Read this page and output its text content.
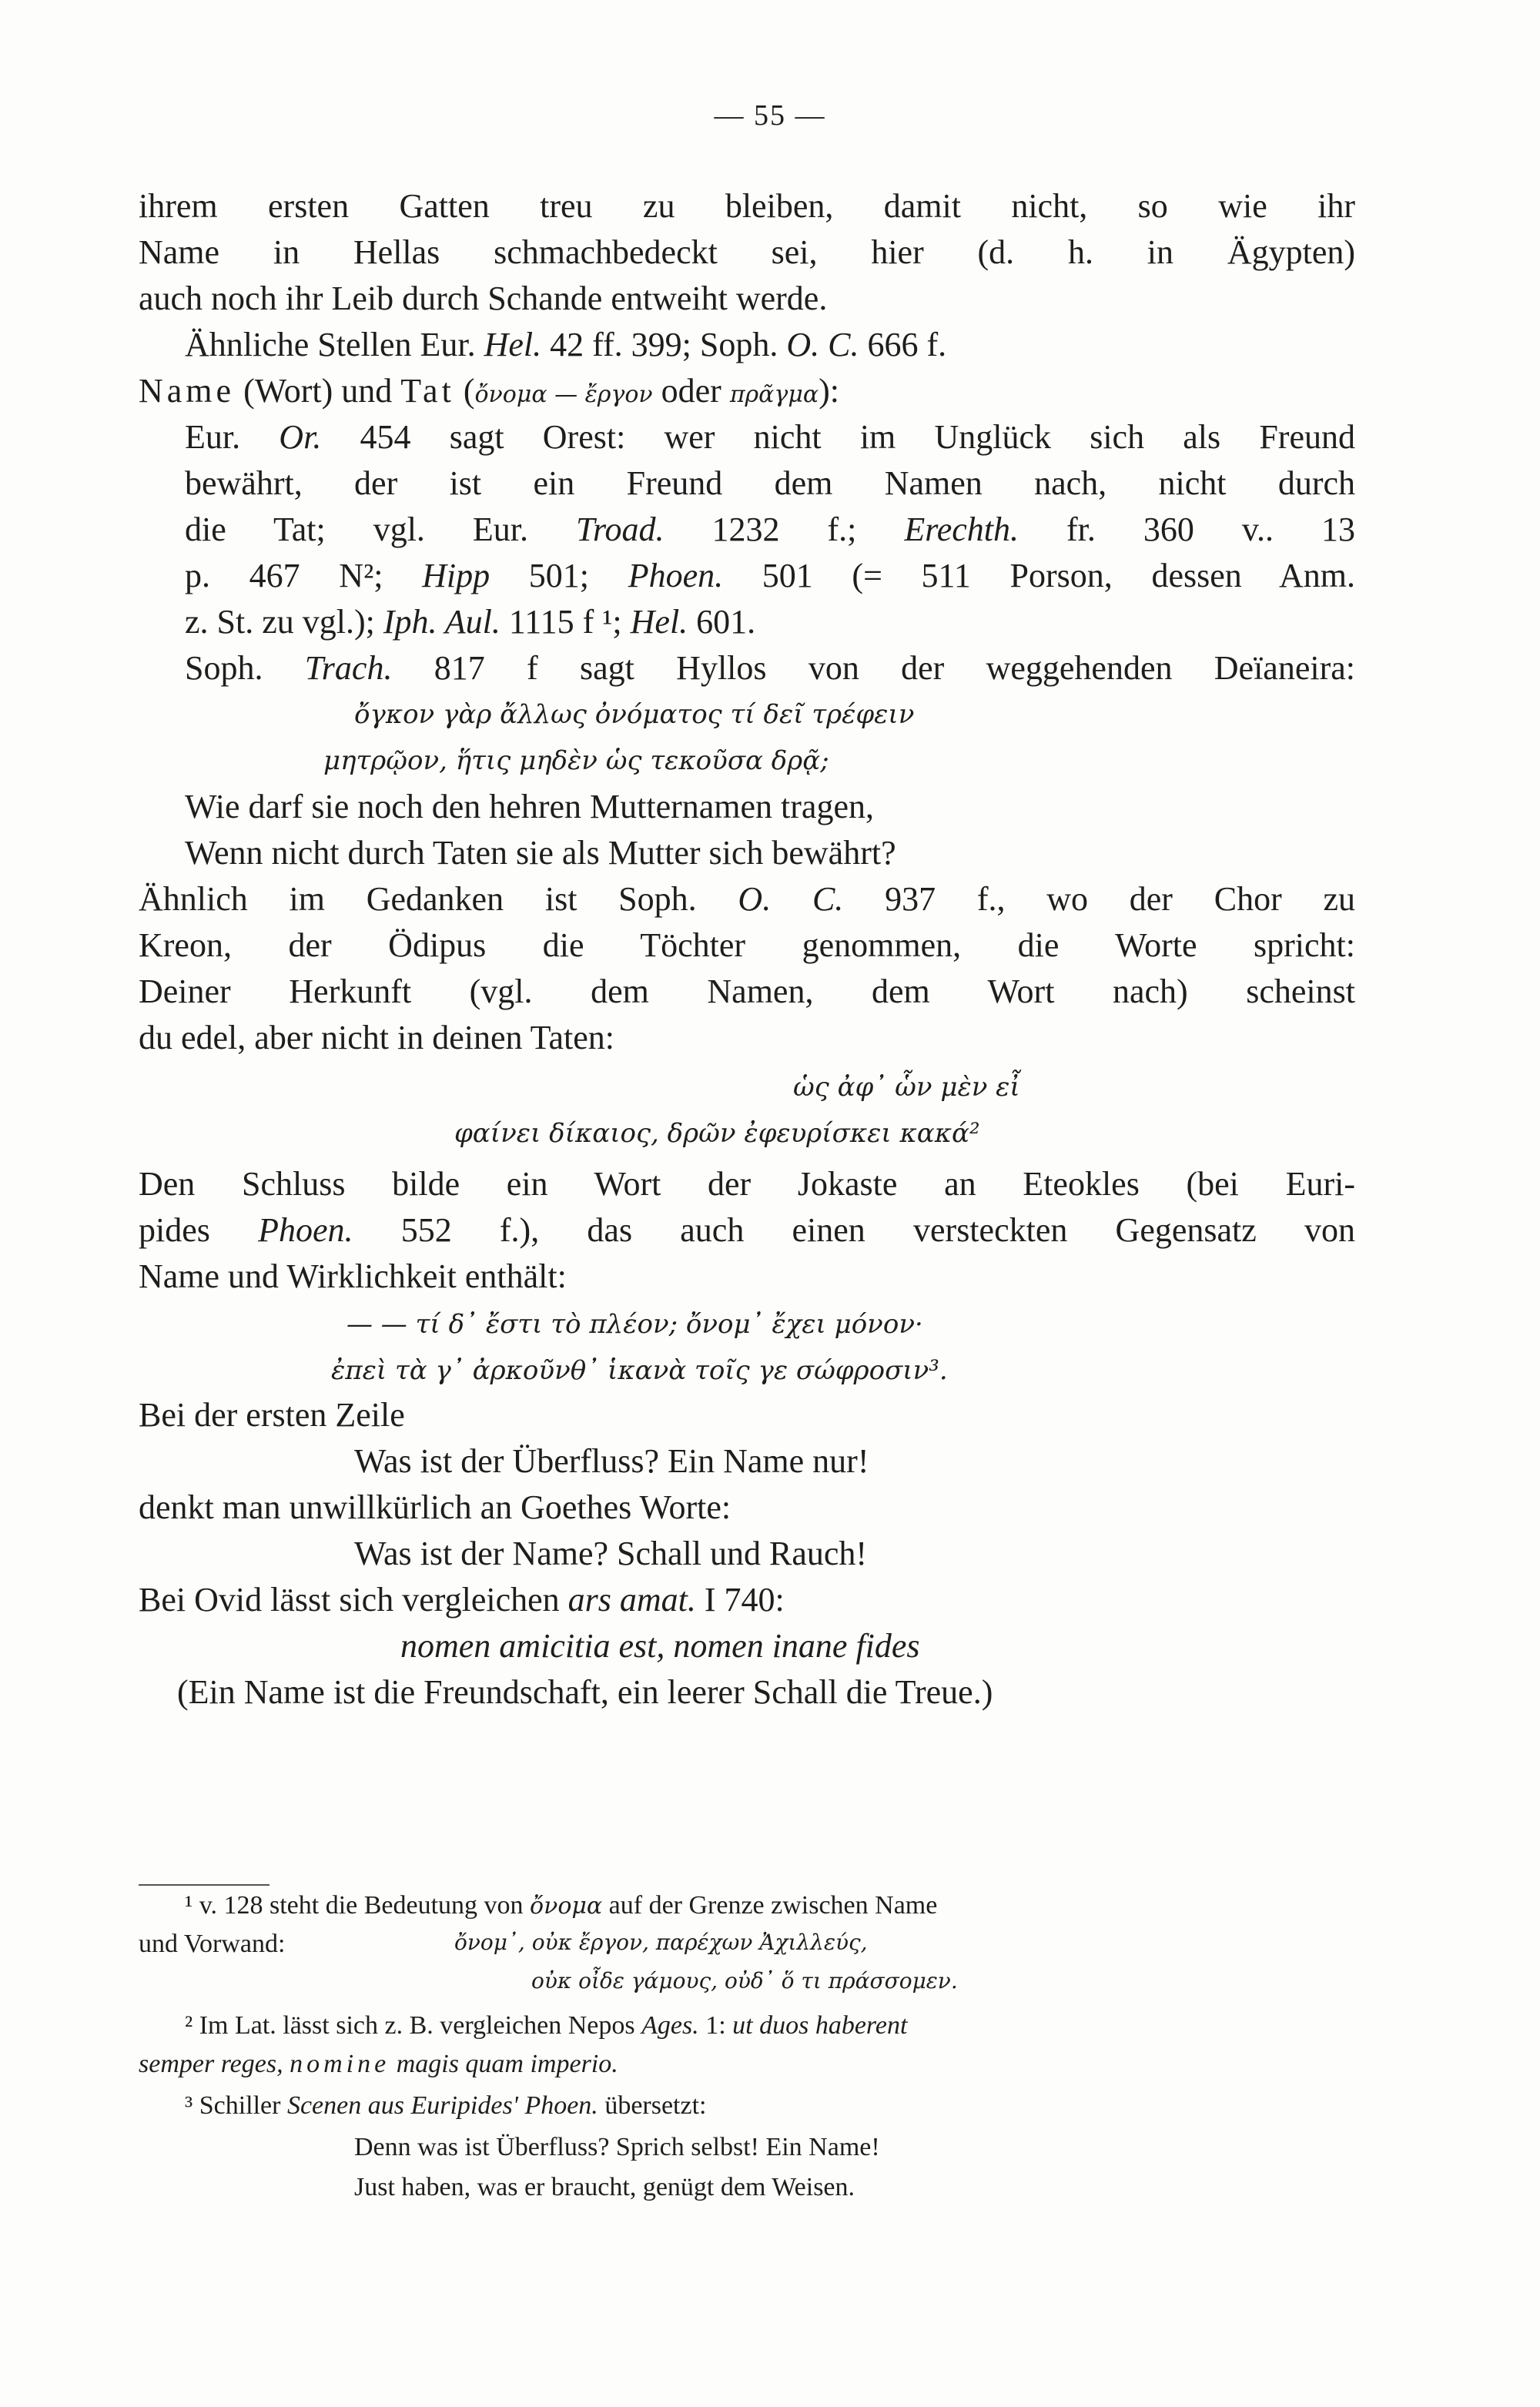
— 55 —
ihrem ersten Gatten treu zu bleiben, damit nicht, so wie ihr
Name in Hellas schmachbedeckt sei, hier (d. h. in Ägypten)
auch noch ihr Leib durch Schande entweiht werde.
Ähnliche Stellen Eur. Hel. 42 ff. 399; Soph. O. C. 666 f.
Name (Wort) und Tat (ὄνομα — ἔργον oder πρᾶγμα):
Eur. Or. 454 sagt Orest: wer nicht im Unglück sich als Freund
bewährt, der ist ein Freund dem Namen nach, nicht durch
die Tat; vgl. Eur. Troad. 1232 f.; Erechth. fr. 360 v.. 13
p. 467 N²; Hipp 501; Phoen. 501 (= 511 Porson, dessen Anm.
z. St. zu vgl.); Iph. Aul. 1115 f ¹; Hel. 601.
Soph. Trach. 817 f sagt Hyllos von der weggehenden Deïaneira:
ὄγκον γὰρ ἄλλως ὀνόματος τί δεῖ τρέφειν
μητρῷον, ἥτις μηδὲν ὡς τεκοῦσα δρᾷ;
Wie darf sie noch den hehren Mutternamen tragen,
Wenn nicht durch Taten sie als Mutter sich bewährt?
Ähnlich im Gedanken ist Soph. O. C. 937 f., wo der Chor zu
Kreon, der Ödipus die Töchter genommen, die Worte spricht:
Deiner Herkunft (vgl. dem Namen, dem Wort nach) scheinst
du edel, aber nicht in deinen Taten:
ὡς ἀφ᾽ ὧν μὲν εἶ
φαίνει δίκαιος, δρῶν ἐφευρίσκει κακά²
Den Schluss bilde ein Wort der Jokaste an Eteokles (bei Euri-
pides Phoen. 552 f.), das auch einen versteckten Gegensatz von
Name und Wirklichkeit enthält:
— — τί δ᾽ ἔστι τὸ πλέον; ὄνομ᾽ ἔχει μόνον·
ἐπεὶ τὰ γ᾽ ἀρκοῦνθ᾽ ἱκανὰ τοῖς γε σώφροσιν³.
Bei der ersten Zeile
Was ist der Überfluss? Ein Name nur!
denkt man unwillkürlich an Goethes Worte:
Was ist der Name? Schall und Rauch!
Bei Ovid lässt sich vergleichen ars amat. I 740:
nomen amicitia est, nomen inane fides
(Ein Name ist die Freundschaft, ein leerer Schall die Treue.)
¹ v. 128 steht die Bedeutung von ὄνομα auf der Grenze zwischen Name
und Vorwand:	ὄνομ᾽, οὐκ ἔργον, παρέχων Ἀχιλλεύς,
οὐκ οἶδε γάμους, οὐδ᾽ ὅ τι πράσσομεν.
² Im Lat. lässt sich z. B. vergleichen Nepos Ages. 1: ut duos haberent
semper reges, nomine magis quam imperio.
³ Schiller Scenen aus Euripides' Phoen. übersetzt:
Denn was ist Überfluss? Sprich selbst! Ein Name!
Just haben, was er braucht, genügt dem Weisen.
